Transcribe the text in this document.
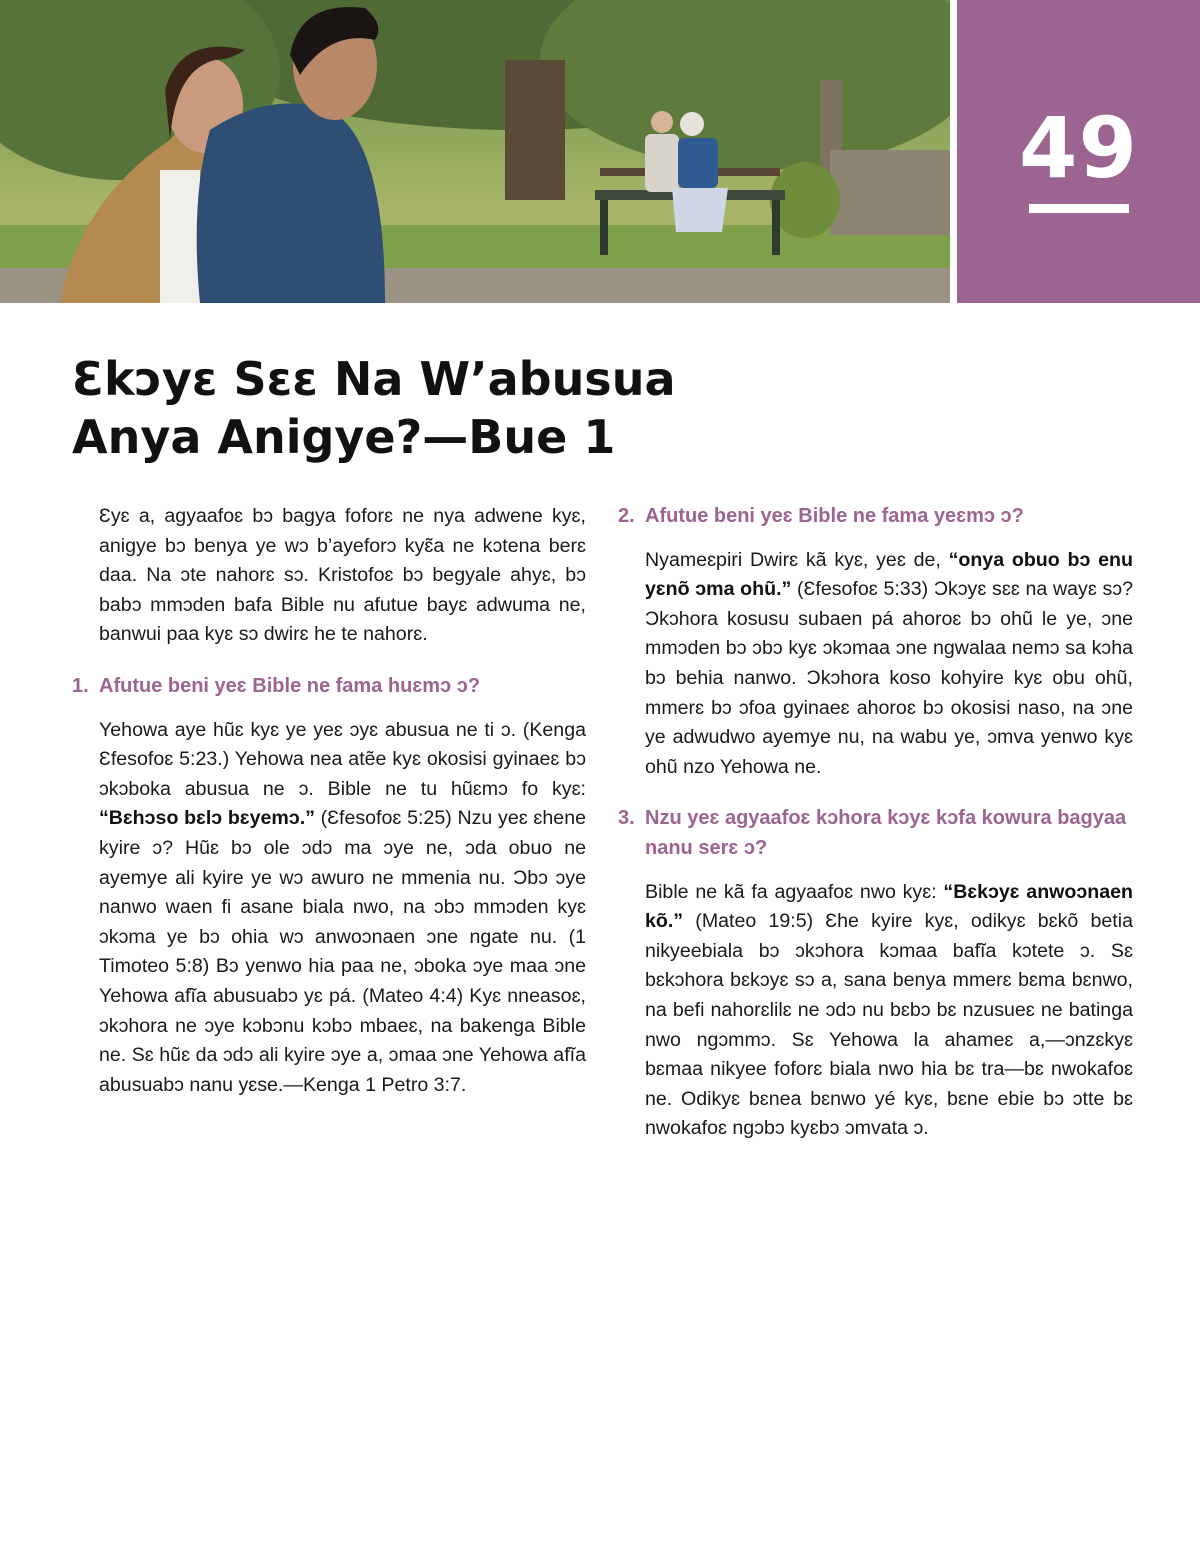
49
Ɛkɔyɛ Sɛɛ Na W’abusua
Anya Anigye?—Bue 1

Ɛyɛ a, agyaafoɛ bɔ bagya foforɛ ne nya adwene kyɛ, anigye bɔ benya ye wɔ b’ayeforɔ kyɛ̃a ne kɔtena berɛ daa. Na ɔte nahorɛ sɔ. Kristofoɛ bɔ begyale ahyɛ, bɔ babɔ mmɔden bafa Bible nu afutue bayɛ adwuma ne, banwui paa kyɛ sɔ dwirɛ he te nahorɛ.

1. Afutue beni yeɛ Bible ne fama huɛmɔ ɔ?

Yehowa aye hũɛ kyɛ ye yeɛ ɔyɛ abusua ne ti ɔ. (Kenga Ɛfesofoɛ 5:23.) Yehowa nea atẽe kyɛ okosisi gyinaeɛ bɔ ɔkɔboka abusua ne ɔ. Bible ne tu hũɛmɔ fo kyɛ: “Bɛhɔso bɛlɔ bɛyemɔ.” (Ɛfesofoɛ 5:25) Nzu yeɛ ɛhene kyire ɔ? Hũɛ bɔ ole ɔdɔ ma ɔye ne, ɔda obuo ne ayemye ali kyire ye wɔ awuro ne mmenia nu. Ɔbɔ ɔye nanwo waen fi asane biala nwo, na ɔbɔ mmɔden kyɛ ɔkɔma ye bɔ ohia wɔ anwoɔnaen ɔne ngate nu. (1 Timoteo 5:8) Bɔ yenwo hia paa ne, ɔboka ɔye maa ɔne Yehowa afĩa abusuabɔ yɛ pá. (Mateo 4:4) Kyɛ nneasoɛ, ɔkɔhora ne ɔye kɔbɔnu kɔbɔ mbaeɛ, na bakenga Bible ne. Sɛ hũɛ da ɔdɔ ali kyire ɔye a, ɔmaa ɔne Yehowa afĩa abusuabɔ nanu yɛse.—Kenga 1 Petro 3:7.

2. Afutue beni yeɛ Bible ne fama yeɛmɔ ɔ?

Nyameɛpiri Dwirɛ kã kyɛ, yeɛ de, “onya obuo bɔ enu yɛnõ ɔma ohũ.” (Ɛfesofoɛ 5:33) Ɔkɔyɛ sɛɛ na wayɛ sɔ? Ɔkɔhora kosusu subaen pá ahoroɛ bɔ ohũ le ye, ɔne mmɔden bɔ ɔbɔ kyɛ ɔkɔmaa ɔne ngwalaa nemɔ sa kɔha bɔ behia nanwo. Ɔkɔhora koso kohyire kyɛ obu ohũ, mmerɛ bɔ ɔfoa gyinaeɛ ahoroɛ bɔ okosisi naso, na ɔne ye adwudwo ayemye nu, na wabu ye, ɔmva yenwo kyɛ ohũ nzo Yehowa ne.

3. Nzu yeɛ agyaafoɛ kɔhora kɔyɛ kɔfa kowura bagyaa nanu serɛ ɔ?

Bible ne kã fa agyaafoɛ nwo kyɛ: “Bɛkɔyɛ anwoɔnaen kõ.” (Mateo 19:5) Ɛhe kyire kyɛ, odikyɛ bɛkõ betia nikyeebiala bɔ ɔkɔhora kɔmaa bafĩa kɔtete ɔ. Sɛ bɛkɔhora bɛkɔyɛ sɔ a, sana benya mmerɛ bɛma bɛnwo, na befi nahorɛlilɛ ne ɔdɔ nu bɛbɔ bɛ nzusueɛ ne batinga nwo ngɔmmɔ. Sɛ Yehowa la ahameɛ a,—ɔnzɛkyɛ bɛmaa nikyee foforɛ biala nwo hia bɛ tra—bɛ nwokafoɛ ne. Odikyɛ bɛnea bɛnwo yé kyɛ, bɛne ebie bɔ ɔtte bɛ nwokafoɛ ngɔbɔ kyɛbɔ ɔmvata ɔ.
